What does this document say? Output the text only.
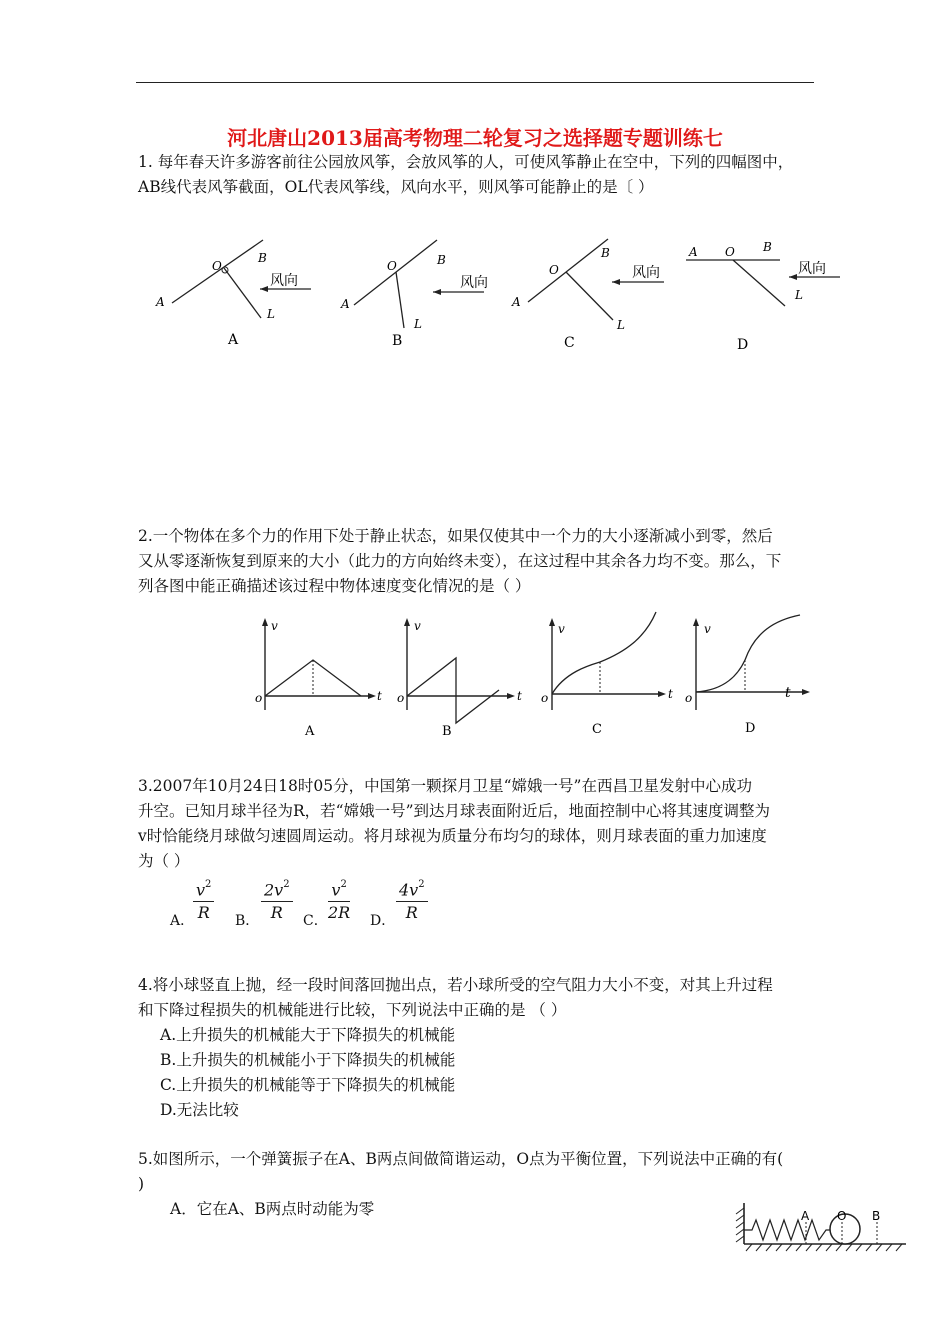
河北唐山2013届高考物理二轮复习之选择题专题训练七
1. 每年春天许多游客前往公园放风筝，会放风筝的人，可使风筝静止在空中，下列的四幅图中，
AB线代表风筝截面，OL代表风筝线，风向水平，则风筝可能静止的是〔 ）
A
B
O
L
风向
A
A
B
O
L
风向
B
A
B
O
L
风向
C
A	B
O
L
风向
D
2.一个物体在多个力的作用下处于静止状态，如果仅使其中一个力的大小逐渐减小到零，然后
又从零逐渐恢复到原来的大小（此力的方向始终未变），在这过程中其余各力均不变。那么，下
列各图中能正确描述该过程中物体速度变化情况的是（ ）
v
t
o
A
v
t
o
B
v
t
o
C
v
t
o
D
3.2007年10月24日18时05分，中国第一颗探月卫星“嫦娥一号”在西昌卫星发射中心成功
升空。已知月球半径为R，若“嫦娥一号”到达月球表面附近后，地面控制中心将其速度调整为
v时恰能绕月球做匀速圆周运动。将月球视为质量分布均匀的球体，则月球表面的重力加速度
为（ ）
A．
$\frac{v^2}{R}$ B． $\frac{2v^2}{R}$ C． $\frac{v^2}{2R}$ D． $\frac{4v^2}{R}$
4.将小球竖直上抛，经一段时间落回抛出点，若小球所受的空气阻力大小不变，对其上升过程
和下降过程损失的机械能进行比较，下列说法中正确的是 （ ）
A.上升损失的机械能大于下降损失的机械能
B.上升损失的机械能小于下降损失的机械能
C.上升损失的机械能等于下降损失的机械能
D.无法比较
5.如图所示，一个弹簧振子在A、B两点间做简谐运动，O点为平衡位置，下列说法中正确的有(
)
A．它在A、B两点时动能为零	A O B
